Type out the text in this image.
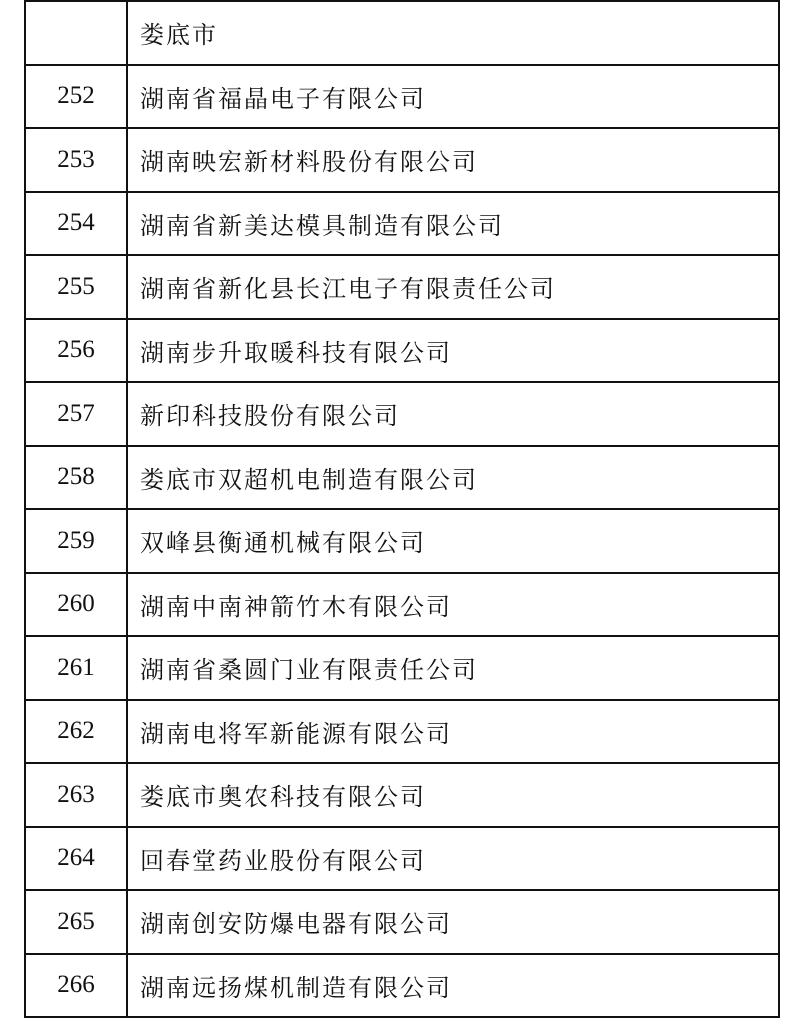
	娄底市
252	湖南省福晶电子有限公司
253	湖南映宏新材料股份有限公司
254	湖南省新美达模具制造有限公司
255	湖南省新化县长江电子有限责任公司
256	湖南步升取暖科技有限公司
257	新印科技股份有限公司
258	娄底市双超机电制造有限公司
259	双峰县衡通机械有限公司
260	湖南中南神箭竹木有限公司
261	湖南省桑圆门业有限责任公司
262	湖南电将军新能源有限公司
263	娄底市奥农科技有限公司
264	回春堂药业股份有限公司
265	湖南创安防爆电器有限公司
266	湖南远扬煤机制造有限公司
